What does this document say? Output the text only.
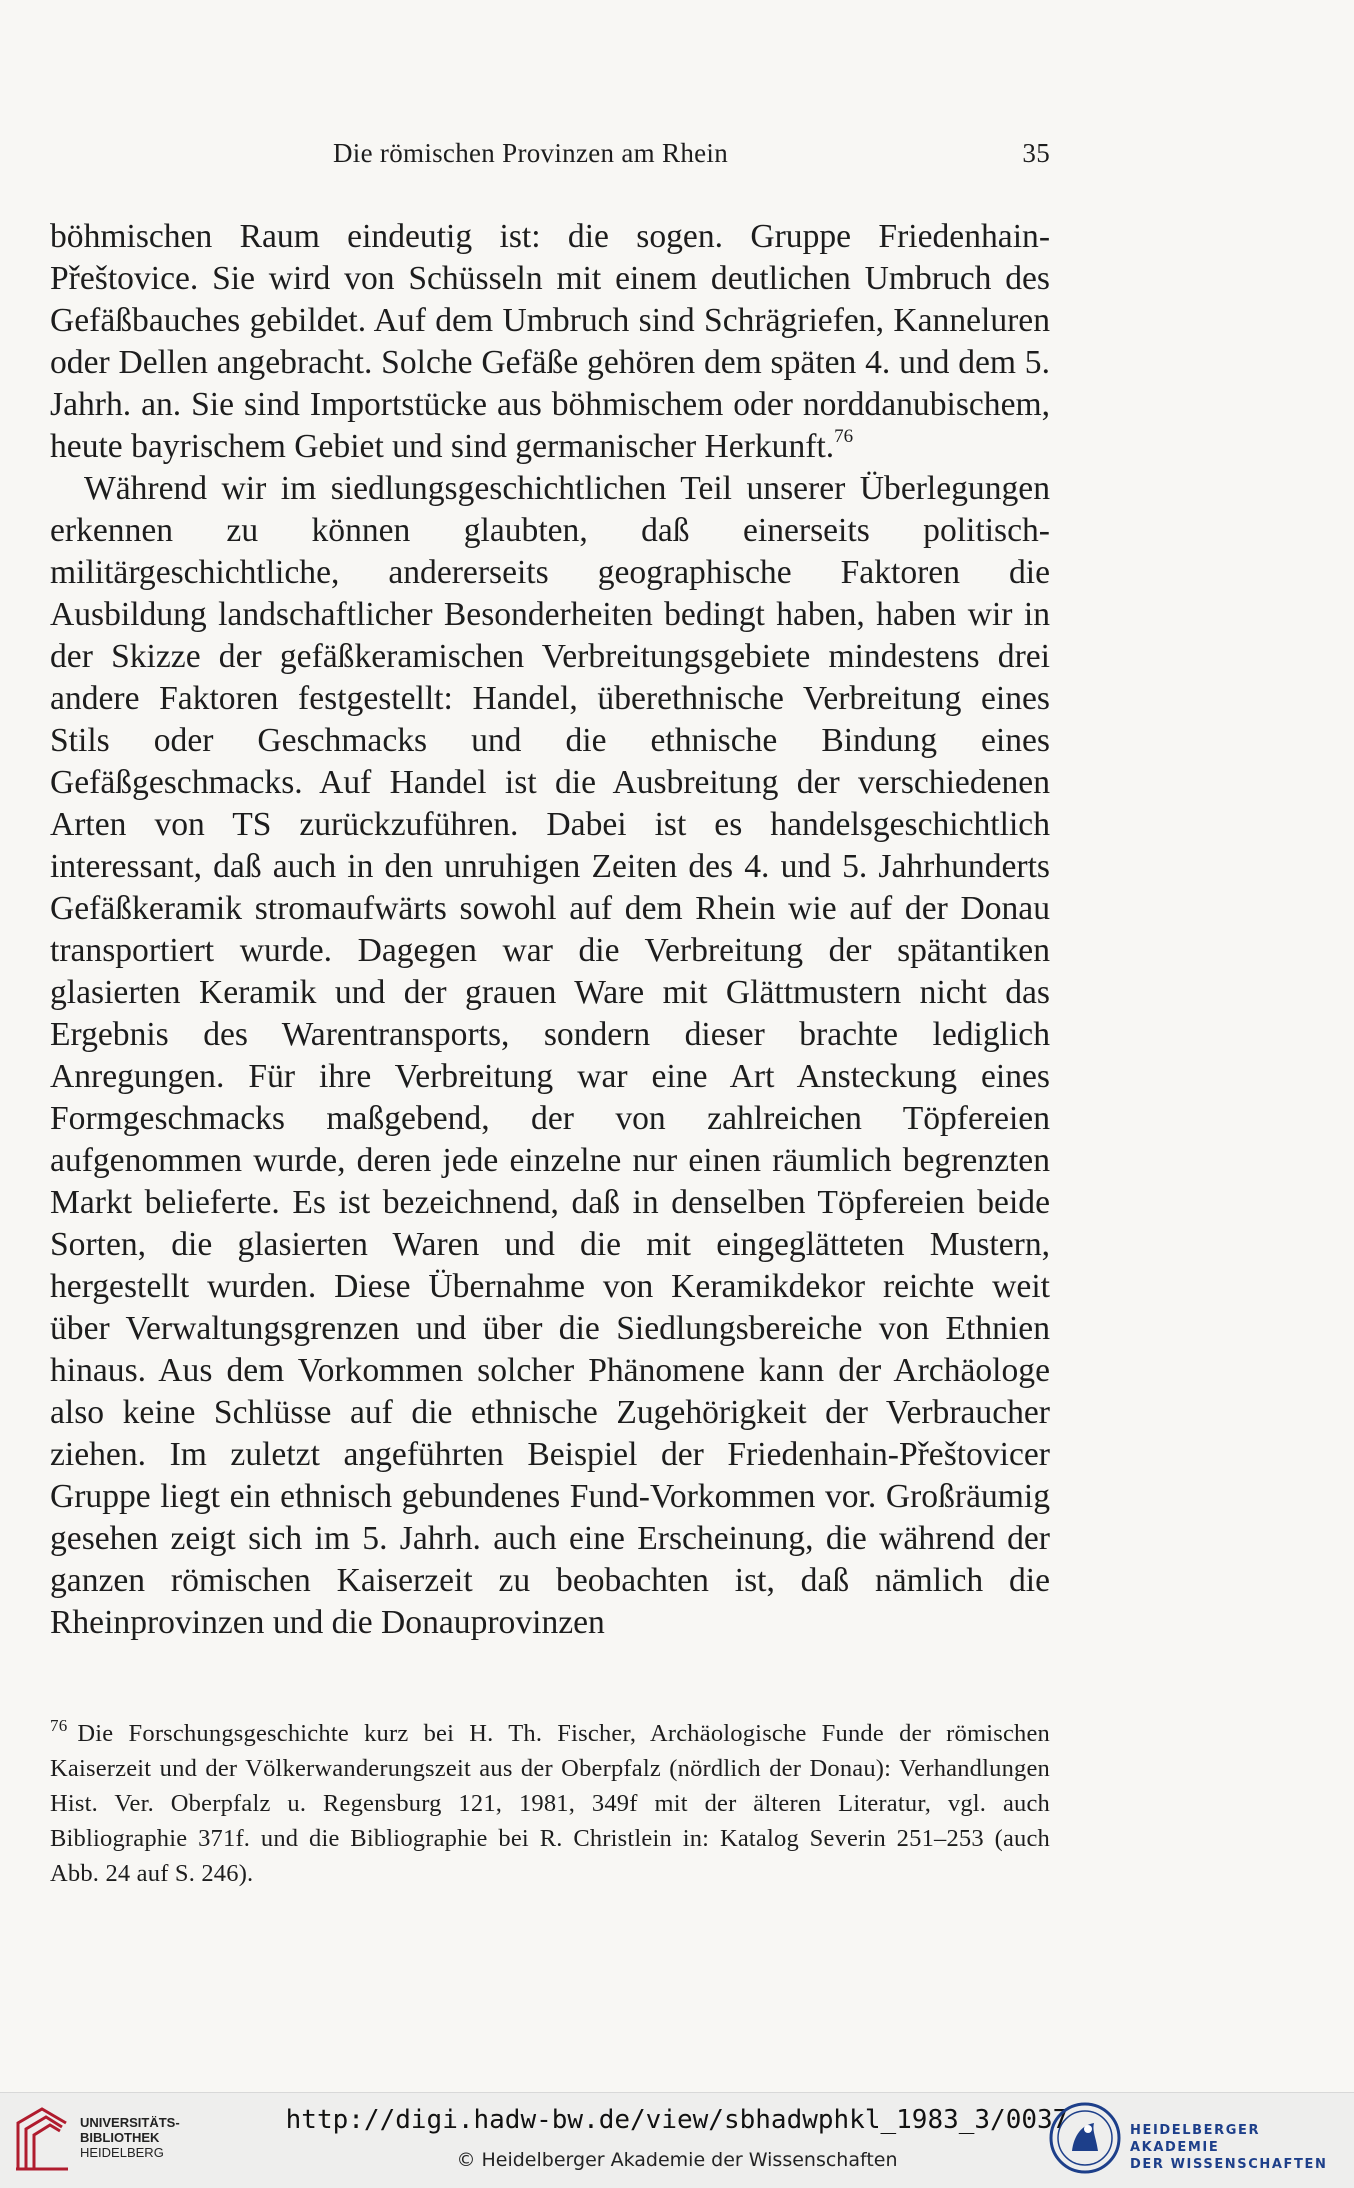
Die römischen Provinzen am Rhein	35

böhmischen Raum eindeutig ist: die sogen. Gruppe Friedenhain-Přeštovice. Sie wird von Schüsseln mit einem deutlichen Umbruch des Gefäßbauches gebildet. Auf dem Umbruch sind Schrägriefen, Kanneluren oder Dellen angebracht. Solche Gefäße gehören dem späten 4. und dem 5. Jahrh. an. Sie sind Importstücke aus böhmischem oder norddanubischem, heute bayrischem Gebiet und sind germanischer Herkunft.$^{76}$

Während wir im siedlungsgeschichtlichen Teil unserer Überlegungen erkennen zu können glaubten, daß einerseits politisch-militärgeschichtliche, andererseits geographische Faktoren die Ausbildung landschaftlicher Besonderheiten bedingt haben, haben wir in der Skizze der gefäßkeramischen Verbreitungsgebiete mindestens drei andere Faktoren festgestellt: Handel, überethnische Verbreitung eines Stils oder Geschmacks und die ethnische Bindung eines Gefäßgeschmacks. Auf Handel ist die Ausbreitung der verschiedenen Arten von TS zurückzuführen. Dabei ist es handelsgeschichtlich interessant, daß auch in den unruhigen Zeiten des 4. und 5. Jahrhunderts Gefäßkeramik stromaufwärts sowohl auf dem Rhein wie auf der Donau transportiert wurde. Dagegen war die Verbreitung der spätantiken glasierten Keramik und der grauen Ware mit Glättmustern nicht das Ergebnis des Warentransports, sondern dieser brachte lediglich Anregungen. Für ihre Verbreitung war eine Art Ansteckung eines Formgeschmacks maßgebend, der von zahlreichen Töpfereien aufgenommen wurde, deren jede einzelne nur einen räumlich begrenzten Markt belieferte. Es ist bezeichnend, daß in denselben Töpfereien beide Sorten, die glasierten Waren und die mit eingeglätteten Mustern, hergestellt wurden. Diese Übernahme von Keramikdekor reichte weit über Verwaltungsgrenzen und über die Siedlungsbereiche von Ethnien hinaus. Aus dem Vorkommen solcher Phänomene kann der Archäologe also keine Schlüsse auf die ethnische Zugehörigkeit der Verbraucher ziehen. Im zuletzt angeführten Beispiel der Friedenhain-Přeštovicer Gruppe liegt ein ethnisch gebundenes Fund-Vorkommen vor. Großräumig gesehen zeigt sich im 5. Jahrh. auch eine Erscheinung, die während der ganzen römischen Kaiserzeit zu beobachten ist, daß nämlich die Rheinprovinzen und die Donauprovinzen

$^{76}$ Die Forschungsgeschichte kurz bei H. Th. Fischer, Archäologische Funde der römischen Kaiserzeit und der Völkerwanderungszeit aus der Oberpfalz (nördlich der Donau): Verhandlungen Hist. Ver. Oberpfalz u. Regensburg 121, 1981, 349f mit der älteren Literatur, vgl. auch Bibliographie 371f. und die Bibliographie bei R. Christlein in: Katalog Severin 251–253 (auch Abb. 24 auf S. 246).
UNIVERSITÄTS-
BIBLIOTHEK
HEIDELBERG
http://digi.hadw-bw.de/view/sbhadwphkl_1983_3/0037
© Heidelberger Akademie der Wissenschaften
HEIDELBERGER AKADEMIE
DER WISSENSCHAFTEN
